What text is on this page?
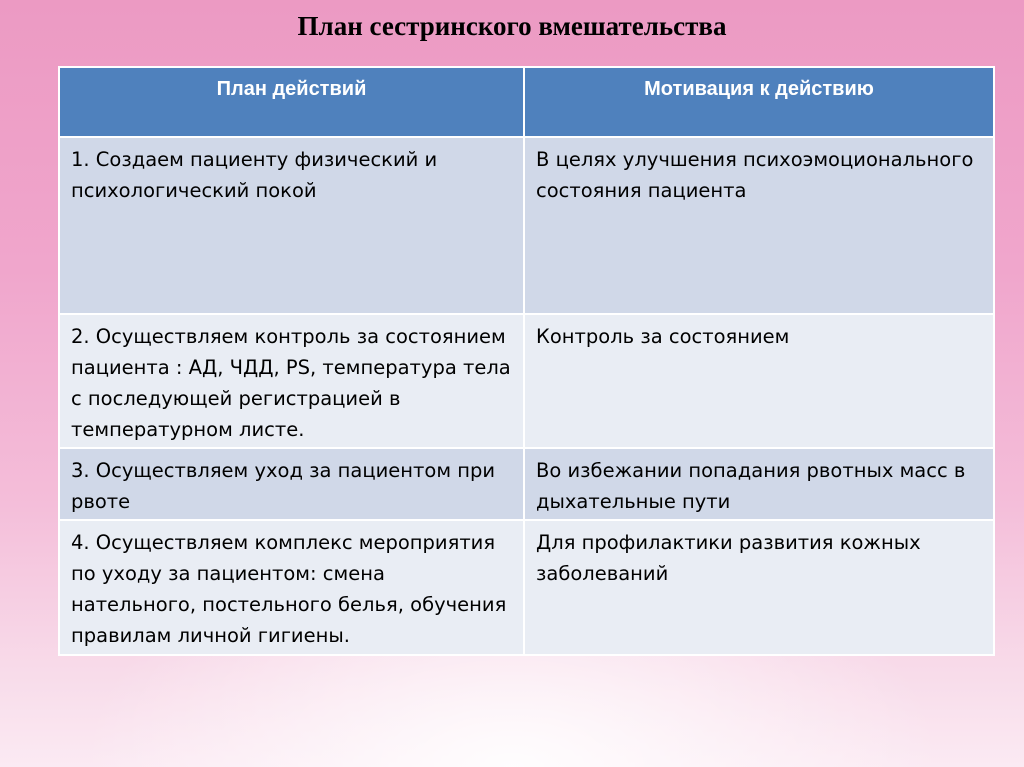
План сестринского вмешательства
План действий	Мотивация к действию
1. Создаем пациенту физический и психологический покой	В целях улучшения психоэмоционального состояния пациента
2. Осуществляем контроль за состоянием пациента : АД, ЧДД, PS, температура тела с последующей регистрацией в температурном листе.	Контроль за состоянием
3. Осуществляем уход за пациентом при рвоте	Во избежании попадания рвотных масс в дыхательные пути
4. Осуществляем комплекс мероприятия по уходу за пациентом: смена нательного, постельного белья, обучения правилам личной гигиены.	Для профилактики развития кожных заболеваний
